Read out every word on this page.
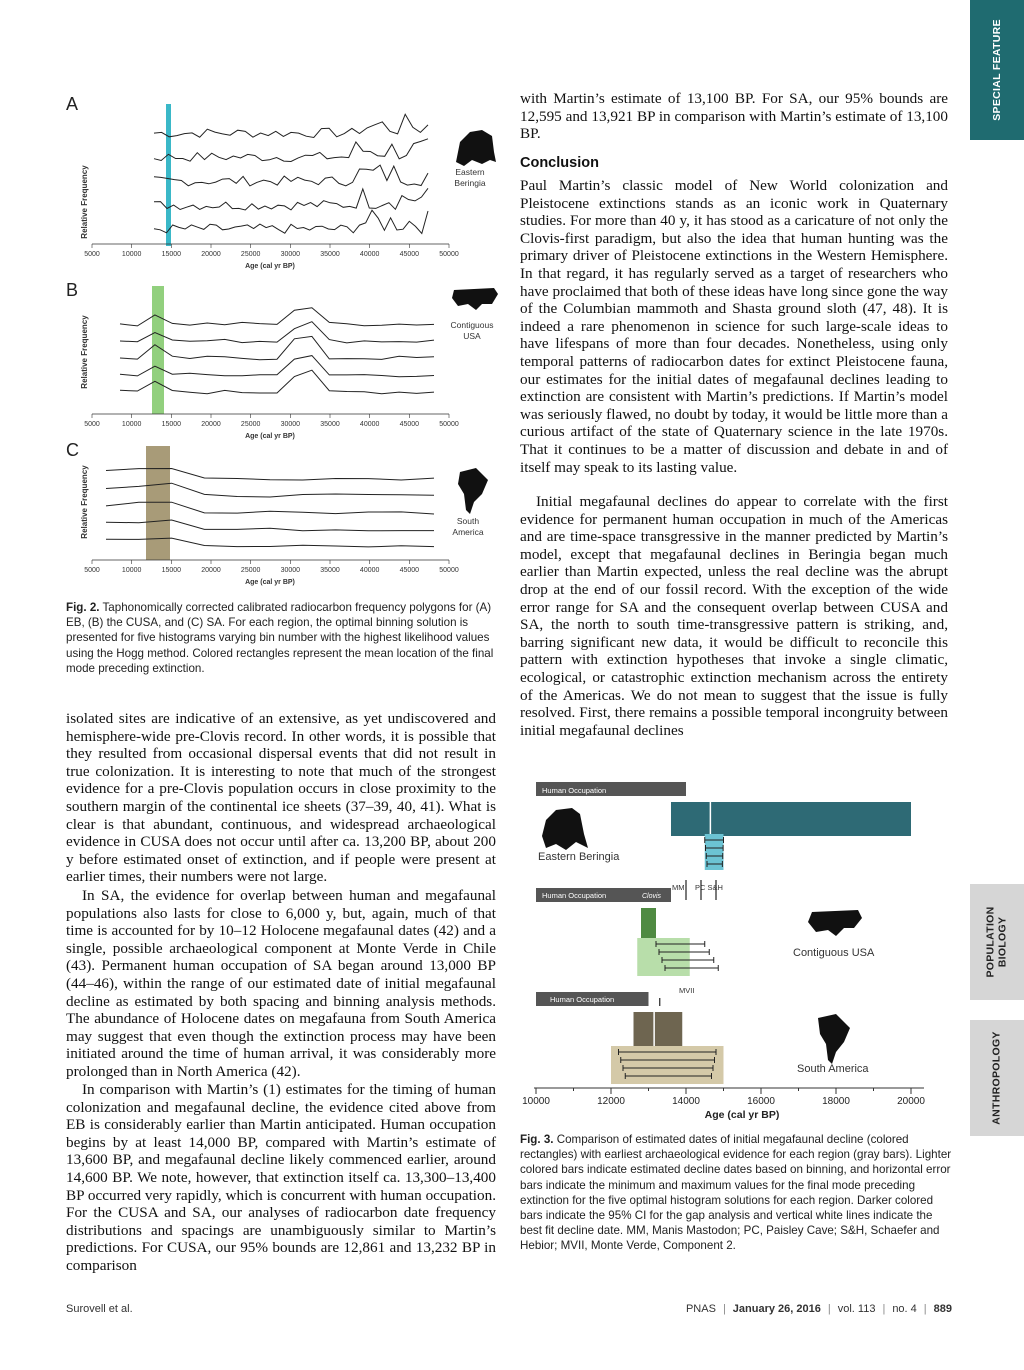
SPECIAL FEATURE
POPULATION BIOLOGY
ANTHROPOLOGY
A
Relative Frequency
5000	10000	15000	20000	25000	30000	35000	40000	45000	50000
Age (cal yr BP)
Eastern
Beringia
B
Relative Frequency
5000	10000	15000	20000	25000	30000	35000	40000	45000	50000
Age (cal yr BP)
Contiguous
USA
C
Relative Frequency
5000	10000	15000	20000	25000	30000	35000	40000	45000	50000
Age (cal yr BP)
South
America

Fig. 2. Taphonomically corrected calibrated radiocarbon frequency polygons for (A) EB, (B) the CUSA, and (C) SA. For each region, the optimal binning solution is presented for five histograms varying bin number with the highest likelihood values using the Hogg method. Colored rectangles represent the mean location of the final mode preceding extinction.

isolated sites are indicative of an extensive, as yet undiscovered and hemisphere-wide pre-Clovis record. In other words, it is possible that they resulted from occasional dispersal events that did not result in true colonization. It is interesting to note that much of the strongest evidence for a pre-Clovis population occurs in close proximity to the southern margin of the continental ice sheets (37–39, 40, 41). What is clear is that abundant, continuous, and widespread archaeological evidence in CUSA does not occur until after ca. 13,200 BP, about 200 y before estimated onset of extinction, and if people were present at earlier times, their numbers were not large.

In SA, the evidence for overlap between human and megafaunal populations also lasts for close to 6,000 y, but, again, much of that time is accounted for by 10–12 Holocene megafaunal dates (42) and a single, possible archaeological component at Monte Verde in Chile (43). Permanent human occupation of SA began around 13,000 BP (44–46), within the range of our estimated date of initial megafaunal decline as estimated by both spacing and binning analysis methods. The abundance of Holocene dates on megafauna from South America may suggest that even though the extinction process may have been initiated around the time of human arrival, it was considerably more prolonged than in North America (42).

In comparison with Martin’s (1) estimates for the timing of human colonization and megafaunal decline, the evidence cited above from EB is considerably earlier than Martin anticipated. Human occupation begins by at least 14,000 BP, compared with Martin’s estimate of 13,600 BP, and megafaunal decline likely commenced earlier, around 14,600 BP. We note, however, that extinction itself ca. 13,300–13,400 BP occurred very rapidly, which is concurrent with human occupation. For the CUSA and SA, our analyses of radiocarbon date frequency distributions and spacings are unambiguously similar to Martin’s predictions. For CUSA, our 95% bounds are 12,861 and 13,232 BP in comparison

with Martin’s estimate of 13,100 BP. For SA, our 95% bounds are 12,595 and 13,921 BP in comparison with Martin’s estimate of 13,100 BP.

Conclusion

Paul Martin’s classic model of New World colonization and Pleistocene extinctions stands as an iconic work in Quaternary studies. For more than 40 y, it has stood as a caricature of not only the Clovis-first paradigm, but also the idea that human hunting was the primary driver of Pleistocene extinctions in the Western Hemisphere. In that regard, it has regularly served as a target of researchers who have proclaimed that both of these ideas have long since gone the way of the Columbian mammoth and Shasta ground sloth (47, 48). It is indeed a rare phenomenon in science for such large-scale ideas to have lifespans of more than four decades. Nonetheless, using only temporal patterns of radiocarbon dates for extinct Pleistocene fauna, our estimates for the initial dates of megafaunal declines leading to extinction are consistent with Martin’s predictions. If Martin’s model was seriously flawed, no doubt by today, it would be little more than a curious artifact of the state of Quaternary science in the late 1970s. That it continues to be a matter of discussion and debate in and of itself may speak to its lasting value.

Initial megafaunal declines do appear to correlate with the first evidence for permanent human occupation in much of the Americas and are time-space transgressive in the manner predicted by Martin’s model, except that megafaunal declines in Beringia began much earlier than Martin expected, unless the real decline was the abrupt drop at the end of our fossil record. With the exception of the wide error range for SA and the consequent overlap between CUSA and SA, the north to south time-transgressive pattern is striking, and, barring significant new data, it would be difficult to reconcile this pattern with extinction hypotheses that invoke a single climatic, ecological, or catastrophic extinction mechanism across the entirety of the Americas. We do not mean to suggest that the issue is fully resolved. First, there remains a possible temporal incongruity between initial megafaunal declines

Human Occupation
Human Occupation
Human Occupation
Clovis
MM PC S&H
MVII
Eastern Beringia
Contiguous USA
South America
10000	12000	14000	16000	18000	20000
Age (cal yr BP)

Fig. 3. Comparison of estimated dates of initial megafaunal decline (colored rectangles) with earliest archaeological evidence for each region (gray bars). Lighter colored bars indicate estimated decline dates based on binning, and horizontal error bars indicate the minimum and maximum values for the final mode preceding extinction for the five optimal histogram solutions for each region. Darker colored bars indicate the 95% CI for the gap analysis and vertical white lines indicate the best fit decline date. MM, Manis Mastodon; PC, Paisley Cave; S&H, Schaefer and Hebior; MVII, Monte Verde, Component 2.

Surovell et al.	PNAS | January 26, 2016 | vol. 113 | no. 4 | 889
